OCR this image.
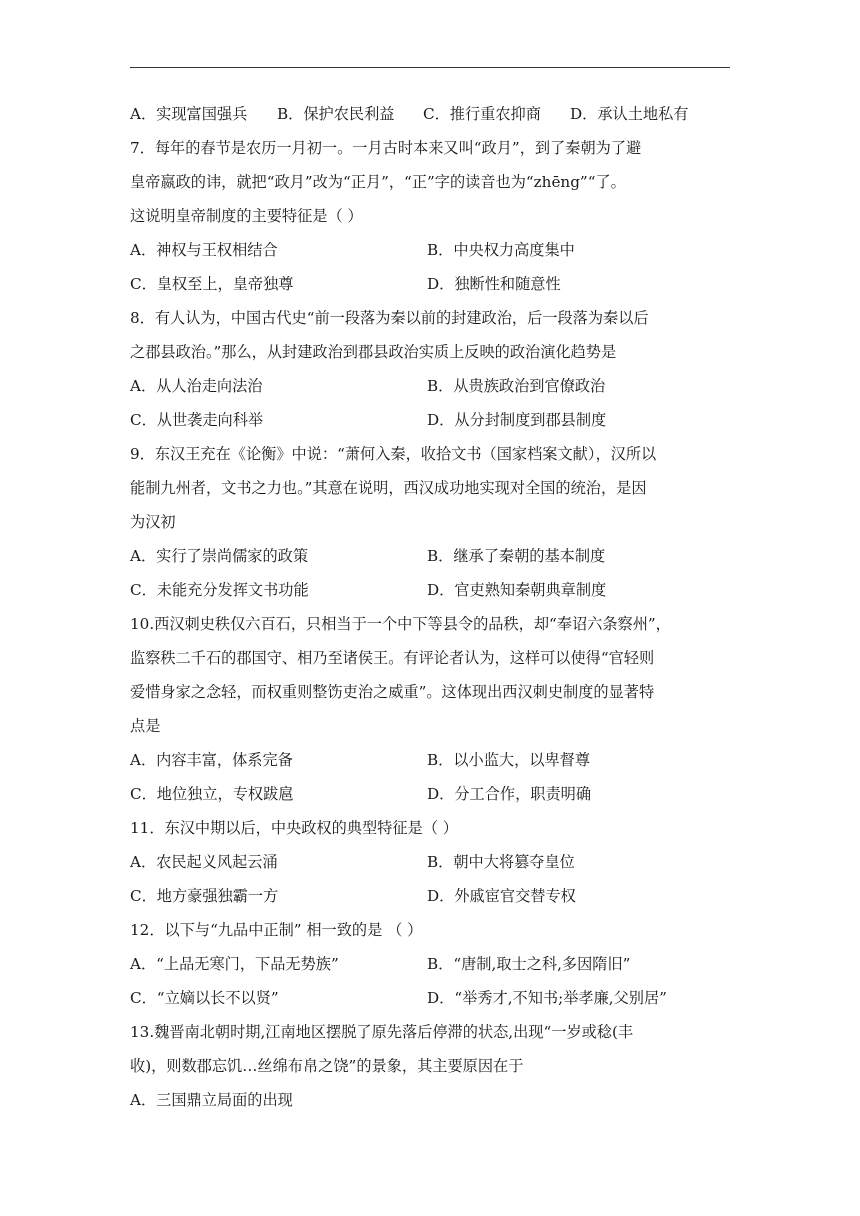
A．实现富国强兵 B．保护农民利益 C．推行重农抑商 D．承认土地私有
7．每年的春节是农历一月初一。一月古时本来又叫“政月”，到了秦朝为了避
皇帝嬴政的讳，就把“政月”改为“正月”，“正”字的读音也为“zhēng”“了。
这说明皇帝制度的主要特征是（ ）
A．神权与王权相结合	B．中央权力高度集中
C．皇权至上，皇帝独尊	D．独断性和随意性
8．有人认为，中国古代史“前一段落为秦以前的封建政治，后一段落为秦以后
之郡县政治。”那么，从封建政治到郡县政治实质上反映的政治演化趋势是
A．从人治走向法治	B．从贵族政治到官僚政治
C．从世袭走向科举	D．从分封制度到郡县制度
9．东汉王充在《论衡》中说：“萧何入秦，收拾文书（国家档案文献），汉所以
能制九州者，文书之力也。”其意在说明，西汉成功地实现对全国的统治，是因
为汉初
A．实行了崇尚儒家的政策	B．继承了秦朝的基本制度
C．未能充分发挥文书功能	D．官吏熟知秦朝典章制度
10.西汉刺史秩仅六百石，只相当于一个中下等县令的品秩，却“奉诏六条察州”，
监察秩二千石的郡国守、相乃至诸侯王。有评论者认为，这样可以使得“官轻则
爱惜身家之念轻，而权重则整饬吏治之威重”。这体现出西汉刺史制度的显著特
点是
A．内容丰富，体系完备	B．以小监大，以卑督尊
C．地位独立，专权跋扈	D．分工合作，职责明确
11．东汉中期以后，中央政权的典型特征是（ ）
A．农民起义风起云涌	B．朝中大将篡夺皇位
C．地方豪强独霸一方	D．外戚宦官交替专权
12．以下与“九品中正制” 相一致的是 （ ）
A．“上品无寒门，下品无势族”	B．“唐制,取士之科,多因隋旧”
C．“立嫡以长不以贤”	D．“举秀才,不知书;举孝廉,父别居”
13.魏晋南北朝时期,江南地区摆脱了原先落后停滞的状态,出现“一岁或稔(丰
收)，则数郡忘饥…丝绵布帛之饶”的景象，其主要原因在于
A．三国鼎立局面的出现
